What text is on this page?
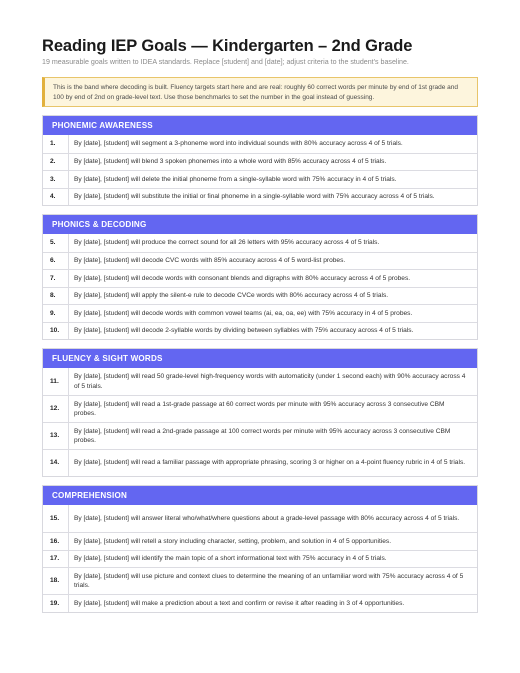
Reading IEP Goals — Kindergarten – 2nd Grade
19 measurable goals written to IDEA standards. Replace [student] and [date]; adjust criteria to the student's baseline.
This is the band where decoding is built. Fluency targets start here and are real: roughly 60 correct words per minute by end of 1st grade and 100 by end of 2nd on grade-level text. Use those benchmarks to set the number in the goal instead of guessing.
PHONEMIC AWARENESS
1.	By [date], [student] will segment a 3-phoneme word into individual sounds with 80% accuracy across 4 of 5 trials.
2.	By [date], [student] will blend 3 spoken phonemes into a whole word with 85% accuracy across 4 of 5 trials.
3.	By [date], [student] will delete the initial phoneme from a single-syllable word with 75% accuracy in 4 of 5 trials.
4.	By [date], [student] will substitute the initial or final phoneme in a single-syllable word with 75% accuracy across 4 of 5 trials.
PHONICS & DECODING
5.	By [date], [student] will produce the correct sound for all 26 letters with 95% accuracy across 4 of 5 trials.
6.	By [date], [student] will decode CVC words with 85% accuracy across 4 of 5 word-list probes.
7.	By [date], [student] will decode words with consonant blends and digraphs with 80% accuracy across 4 of 5 probes.
8.	By [date], [student] will apply the silent-e rule to decode CVCe words with 80% accuracy across 4 of 5 trials.
9.	By [date], [student] will decode words with common vowel teams (ai, ea, oa, ee) with 75% accuracy in 4 of 5 probes.
10.	By [date], [student] will decode 2-syllable words by dividing between syllables with 75% accuracy across 4 of 5 trials.
FLUENCY & SIGHT WORDS
11.
By [date], [student] will read 50 grade-level high-frequency words with automaticity (under 1 second each) with 90% accuracy across 4 of 5 trials.
12.
By [date], [student] will read a 1st-grade passage at 60 correct words per minute with 95% accuracy across 3 consecutive CBM probes.
13.
By [date], [student] will read a 2nd-grade passage at 100 correct words per minute with 95% accuracy across 3 consecutive CBM probes.
14.	By [date], [student] will read a familiar passage with appropriate phrasing, scoring 3 or higher on a 4-point fluency rubric in 4 of 5 trials.
COMPREHENSION
15.	By [date], [student] will answer literal who/what/where questions about a grade-level passage with 80% accuracy across 4 of 5 trials.
16.	By [date], [student] will retell a story including character, setting, problem, and solution in 4 of 5 opportunities.
17.	By [date], [student] will identify the main topic of a short informational text with 75% accuracy in 4 of 5 trials.
18.
By [date], [student] will use picture and context clues to determine the meaning of an unfamiliar word with 75% accuracy across 4 of 5 trials.
19.	By [date], [student] will make a prediction about a text and confirm or revise it after reading in 3 of 4 opportunities.
